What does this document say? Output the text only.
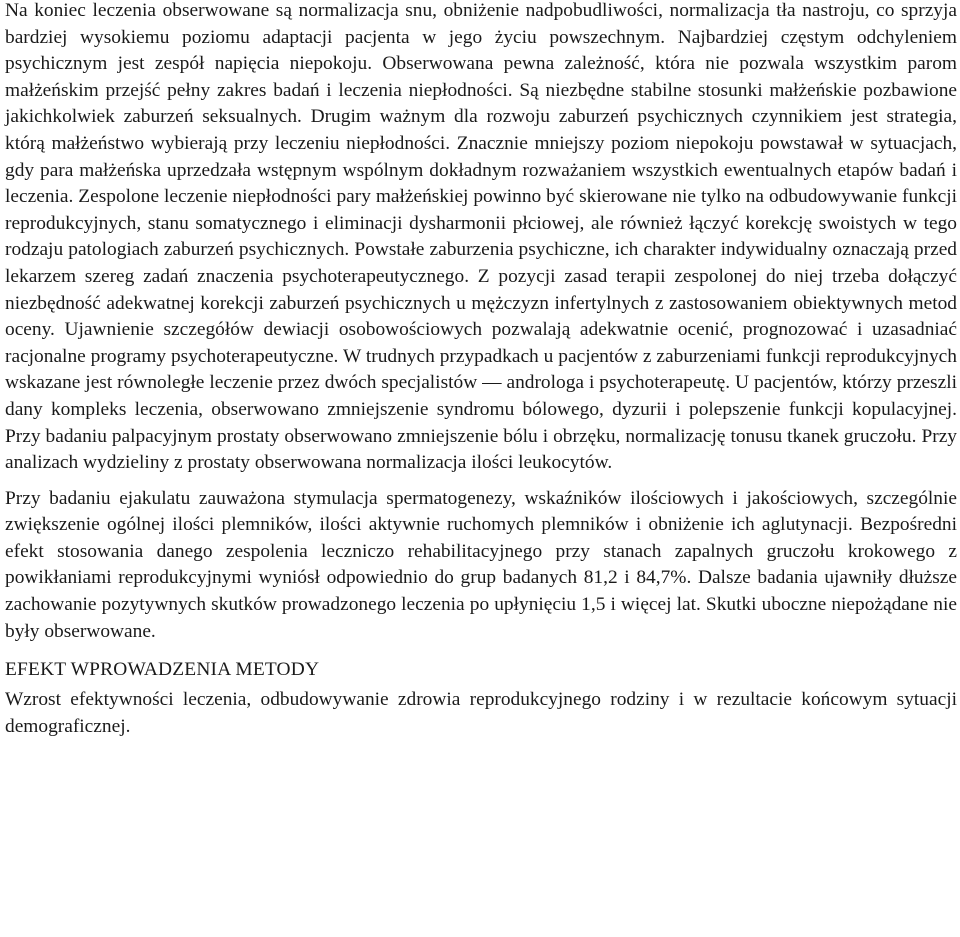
Na koniec leczenia obserwowane są normalizacja snu, obniżenie nadpobudliwości, normalizacja tła nastroju, co sprzyja bardziej wysokiemu poziomu adaptacji pacjenta w jego życiu powszechnym. Najbardziej częstym odchyleniem psychicznym jest zespół napięcia niepokoju. Obserwowana pewna zależność, która nie pozwala wszystkim parom małżeńskim przejść pełny zakres badań i leczenia niepłodności. Są niezbędne stabilne stosunki małżeńskie pozbawione jakichkolwiek zaburzeń seksualnych. Drugim ważnym dla rozwoju zaburzeń psychicznych czynnikiem jest strategia, którą małżeństwo wybierają przy leczeniu niepłodności. Znacznie mniejszy poziom niepokoju powstawał w sytuacjach, gdy para małżeńska uprzedzała wstępnym wspólnym dokładnym rozważaniem wszystkich ewentualnych etapów badań i leczenia. Zespolone leczenie niepłodności pary małżeńskiej powinno być skierowane nie tylko na odbudowywanie funkcji reprodukcyjnych, stanu somatycznego i eliminacji dysharmonii płciowej, ale również łączyć korekcję swoistych w tego rodzaju patologiach zaburzeń psychicznych. Powstałe zaburzenia psychiczne, ich charakter indywidualny oznaczają przed lekarzem szereg zadań znaczenia psychoterapeutycznego. Z pozycji zasad terapii zespolonej do niej trzeba dołączyć niezbędność adekwatnej korekcji zaburzeń psychicznych u mężczyzn infertylnych z zastosowaniem obiektywnych metod oceny. Ujawnienie szczegółów dewiacji osobowościowych pozwalają adekwatnie ocenić, prognozować i uzasadniać racjonalne programy psychoterapeutyczne. W trudnych przypadkach u pacjentów z zaburzeniami funkcji reprodukcyjnych wskazane jest równoległe leczenie przez dwóch specjalistów — androloga i psychoterapeutę. U pacjentów, którzy przeszli dany kompleks leczenia, obserwowano zmniejszenie syndromu bólowego, dyzurii i polepszenie funkcji kopulacyjnej. Przy badaniu palpacyjnym prostaty obserwowano zmniejszenie bólu i obrzęku, normalizację tonusu tkanek gruczołu. Przy analizach wydzieliny z prostaty obserwowana normalizacja ilości leukocytów.

Przy badaniu ejakulatu zauważona stymulacja spermatogenezy, wskaźników ilościowych i jakościowych, szczególnie zwiększenie ogólnej ilości plemników, ilości aktywnie ruchomych plemników i obniżenie ich aglutynacji. Bezpośredni efekt stosowania danego zespolenia leczniczo rehabilitacyjnego przy stanach zapalnych gruczołu krokowego z powikłaniami reprodukcyjnymi wyniósł odpowiednio do grup badanych 81,2 i 84,7%. Dalsze badania ujawniły dłuższe zachowanie pozytywnych skutków prowadzonego leczenia po upłynięciu 1,5 i więcej lat. Skutki uboczne niepożądane nie były obserwowane.

EFEKT WPROWADZENIA METODY

Wzrost efektywności leczenia, odbudowywanie zdrowia reprodukcyjnego rodziny i w rezultacie końcowym sytuacji demograficznej.
